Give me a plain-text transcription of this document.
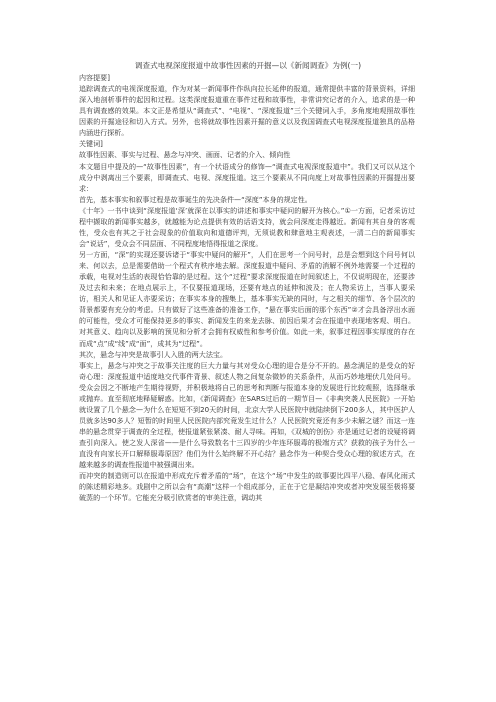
调查式电视深度报道中故事性因素的开掘—以《新闻调查》为例(一)

内容提要]

追踪调查式的电视深度报道，作为对某一新闻事件作纵向拉长延伸的报道，通常提供丰富的背景资料，详细深入地剖析事件的起因和过程。这类深度报道重在事件过程和故事性，非常讲究记者的介入，追求的是一种具有调查感的效果。本文正是希望从“调查式”、“电视”、“深度报道”三个关键词入手，多角度地观照故事性因素的开掘途径和切入方式。另外，也将就故事性因素开掘的意义以及我国调查式电视深度报道独具的品格内涵进行探析。

关键词]

故事性因素、事实与过程、悬念与冲突、画面、记者的介入、倾向性

本文题目中提及的—“故事性因素”，有一个状语成分的修饰—“调查式电视深度报道中”。我们又可以从这个成分中剥离出三个要素，即调查式、电视、深度报道。这三个要素从不同向度上对故事性因素的开掘提出要求：

首先，基本事实和叙事过程是故事诞生的先决条件—“深度”本身的规定性。

《十年》一书中谈到“深度报道‘深’就深在以事实的讲述和事实中疑问的解开为核心。”①一方面，记者采访过程中撷取的新闻事实越多，就越能为论点提供有效的话语支持，就会问深度走得越近。新闻有其自身的客观性，受众也有其之于社会现象的价值取向和道德评判，无须说教和肆意地主观表述，一清二白的新闻事实会“说话”，受众会不同层面、不同程度地悟得报道之深度。

另一方面，“深”的实现还要诉诸于“事实中疑问的解开”，人们在思考一个问号时，总是会想到这个问号何以来、何以去，总是需要借助一个程式有秩序地去解。深度报道中疑问、矛盾的消解不例外地需要一个过程的承载，电视对生活的表现恰恰靠的是过程。这个“过程”要求深度报道在时间叙述上，不仅说明现在，还要涉及过去和未来；在地点展示上，不仅要报道现场，还要有地点的延伸和波及；在人物采访上，当事人要采访，相关人和见证人亦要采访；在事实本身的搜集上，基本事实无缺的同时，与之相关的细节、各个层次的背景都要有充分的考虑。只有做好了这些准备的准备工作，“悬在事实后面的那个东西”②才会具备浮出水面的可能性，受众才可能保持更多的事实、新闻发生的来龙去脉、前因后果才会在报道中表现地客观、明白。对其意义、趋向以及影响的预见和分析才会拥有权威性和参考价值。如此一来，叙事过程因事实厚度的存在而成“点”成“线”成“面”，成其为“过程”。

其次，悬念与冲突是故事引人入胜的两大法宝。

事实上，悬念与冲突之于故事关注度的巨大力量与其对受众心理的迎合是分不开的。悬念满足的是受众的好奇心理：深度报道中适度地交代事件背景、叙述人物之间复杂微妙的关系条件，从而巧妙地埋伏几处问号。受众会因之不断地产生期待视野，并积极地将自己的思考和判断与报道本身的发展进行比较观照，选择继承或抛弃。直至彻底地释疑解惑。比如，《新闻调查》在SARS过后的一期节目—《非典突袭人民医院》一开始就设置了几个悬念—为什么在短短不到20天的时间，北京大学人民医院中就陆续倒下200多人，其中医护人员就多达90多人？短暂的时间里人民医院内部究竟发生过什么？人民医院究竟还有多少未解之谜？而这一连串的悬念贯穿于调查的全过程，使报道紧张紧凑、耐人寻味。再如，《双城的创伤》亦是通过记者的设疑将调查引向深入。使之发人深省——是什么导致数名十三四岁的少年连环服毒的极端方式？获救的孩子为什么一直没有向家长开口解释服毒原因？他们为什么始终解不开心结？悬念作为一种契合受众心理的叙述方式，在越来越多的调查性报道中被强调出来。

而冲突的制造则可以在报道中形成充斥着矛盾的“场”，在这个“场”中发生的故事要比四平八稳、春风化雨式的陈述精彩地多。戏剧中之所以会有“高潮”这样一个组成部分，正在于它是凝结冲突或者冲突发展至极将要破蒸的一个环节。它能充分吸引欣赏者的审美注意，调动其
